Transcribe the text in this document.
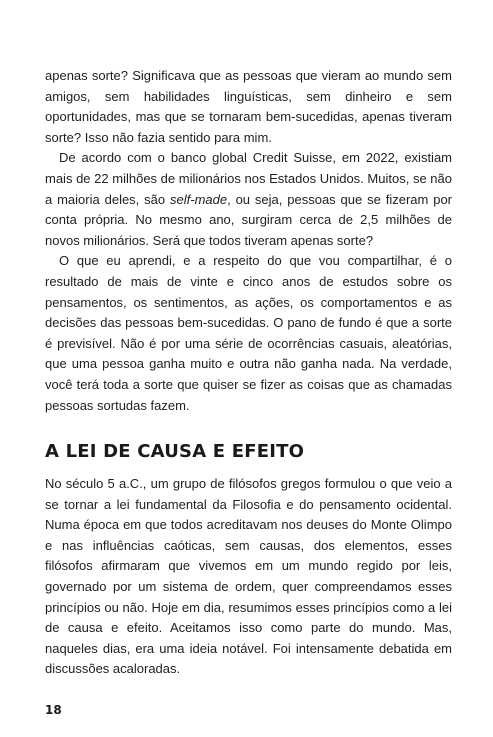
apenas sorte? Significava que as pessoas que vieram ao mundo sem amigos, sem habilidades linguísticas, sem dinheiro e sem oportunidades, mas que se tornaram bem-sucedidas, apenas tiveram sorte? Isso não fazia sentido para mim.

De acordo com o banco global Credit Suisse, em 2022, existiam mais de 22 milhões de milionários nos Estados Unidos. Muitos, se não a maioria deles, são self-made, ou seja, pessoas que se fizeram por conta própria. No mesmo ano, surgiram cerca de 2,5 milhões de novos milionários. Será que todos tiveram apenas sorte?

O que eu aprendi, e a respeito do que vou compartilhar, é o resultado de mais de vinte e cinco anos de estudos sobre os pensamentos, os sentimentos, as ações, os comportamentos e as decisões das pessoas bem-sucedidas. O pano de fundo é que a sorte é previsível. Não é por uma série de ocorrências casuais, aleatórias, que uma pessoa ganha muito e outra não ganha nada. Na verdade, você terá toda a sorte que quiser se fizer as coisas que as chamadas pessoas sortudas fazem.

A LEI DE CAUSA E EFEITO

No século 5 a.C., um grupo de filósofos gregos formulou o que veio a se tornar a lei fundamental da Filosofia e do pensamento ocidental. Numa época em que todos acreditavam nos deuses do Monte Olimpo e nas influências caóticas, sem causas, dos elementos, esses filósofos afirmaram que vivemos em um mundo regido por leis, governado por um sistema de ordem, quer compreendamos esses princípios ou não. Hoje em dia, resumimos esses princípios como a lei de causa e efeito. Aceitamos isso como parte do mundo. Mas, naqueles dias, era uma ideia notável. Foi intensamente debatida em discussões acaloradas.

18
